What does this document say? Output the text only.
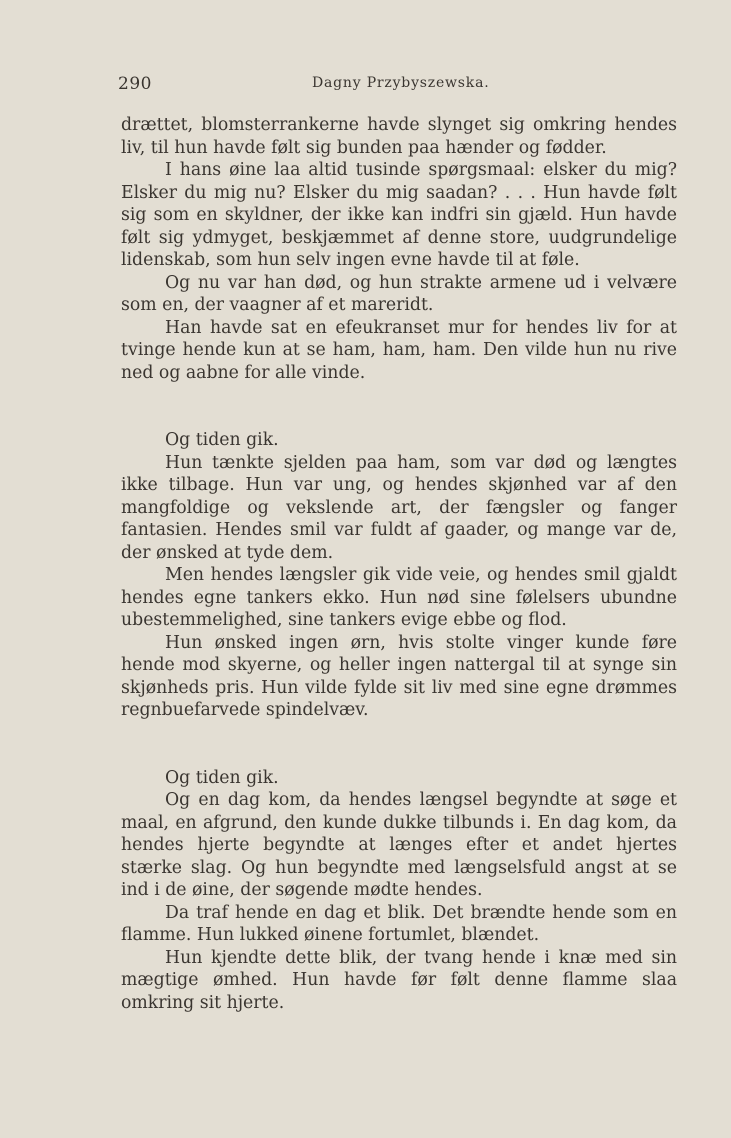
290	Dagny Przybyszewska.

drættet, blomsterrankerne havde slynget sig omkring hendes liv, til hun havde følt sig bunden paa hænder og fødder.

I hans øine laa altid tusinde spørgsmaal: elsker du mig? Elsker du mig nu? Elsker du mig saadan? . . . Hun havde følt sig som en skyldner, der ikke kan indfri sin gjæld. Hun havde følt sig ydmyget, beskjæmmet af denne store, uudgrundelige lidenskab, som hun selv ingen evne havde til at føle.

Og nu var han død, og hun strakte armene ud i velvære som en, der vaagner af et mareridt.

Han havde sat en efeukranset mur for hendes liv for at tvinge hende kun at se ham, ham, ham. Den vilde hun nu rive ned og aabne for alle vinde.

Og tiden gik.

Hun tænkte sjelden paa ham, som var død og længtes ikke tilbage. Hun var ung, og hendes skjønhed var af den mangfoldige og vekslende art, der fængsler og fanger fantasien. Hendes smil var fuldt af gaader, og mange var de, der ønsked at tyde dem.

Men hendes længsler gik vide veie, og hendes smil gjaldt hendes egne tankers ekko. Hun nød sine følelsers ubundne ubestemmelighed, sine tankers evige ebbe og flod.

Hun ønsked ingen ørn, hvis stolte vinger kunde føre hende mod skyerne, og heller ingen nattergal til at synge sin skjønheds pris. Hun vilde fylde sit liv med sine egne drømmes regnbuefarvede spindelvæv.

Og tiden gik.

Og en dag kom, da hendes længsel begyndte at søge et maal, en afgrund, den kunde dukke tilbunds i. En dag kom, da hendes hjerte begyndte at længes efter et andet hjertes stærke slag. Og hun begyndte med længselsfuld angst at se ind i de øine, der søgende mødte hendes.

Da traf hende en dag et blik. Det brændte hende som en flamme. Hun lukked øinene fortumlet, blændet.

Hun kjendte dette blik, der tvang hende i knæ med sin mægtige ømhed. Hun havde før følt denne flamme slaa omkring sit hjerte.
